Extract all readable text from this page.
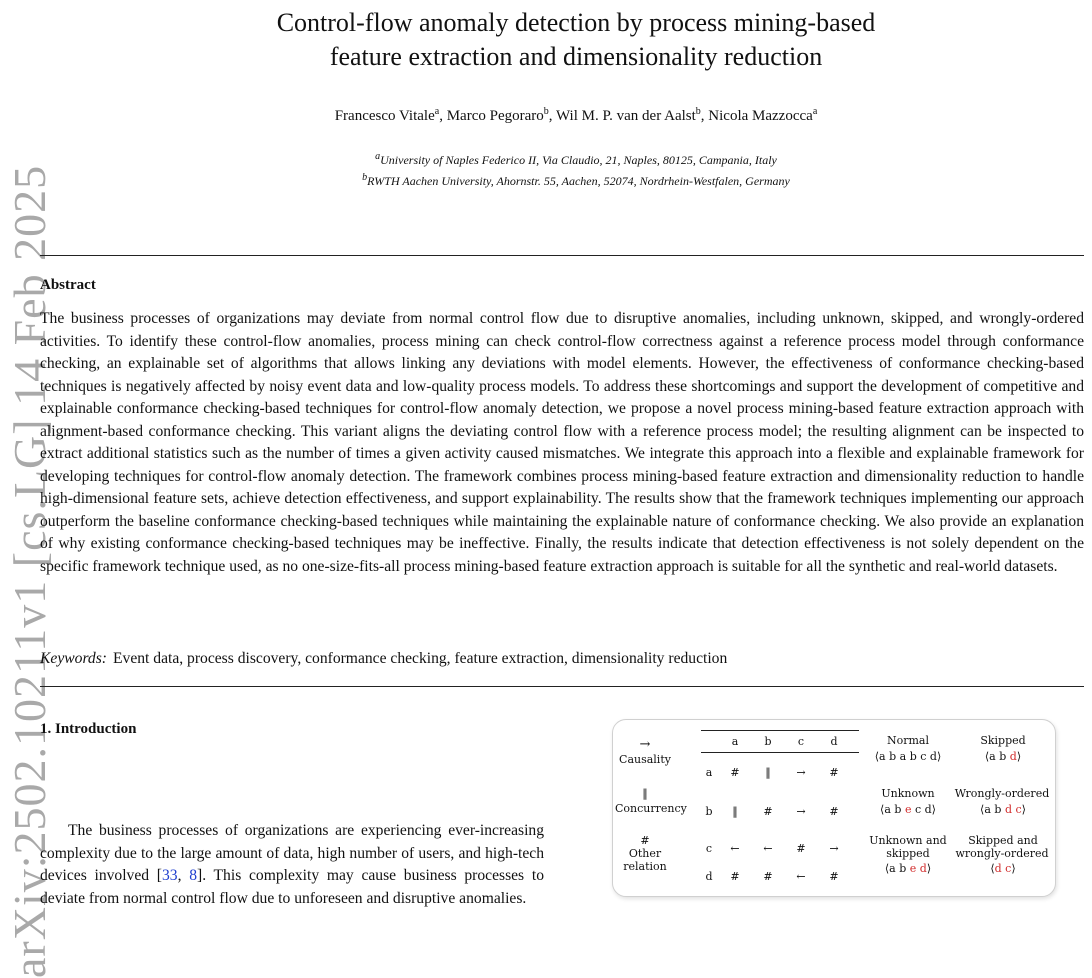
arXiv:2502.10211v1 [cs.LG] 14 Feb 2025
Control-flow anomaly detection by process mining-based
feature extraction and dimensionality reduction
Francesco Vitale$^a$, Marco Pegoraro$^b$, Wil M. P. van der Aalst$^b$, Nicola Mazzocca$^a$
$^a$University of Naples Federico II, Via Claudio, 21, Naples, 80125, Campania, Italy
$^b$RWTH Aachen University, Ahornstr. 55, Aachen, 52074, Nordrhein-Westfalen, Germany
Abstract
The business processes of organizations may deviate from normal control flow due to disruptive anomalies, including unknown, skipped, and wrongly-ordered activities. To identify these control-flow anomalies, process mining can check control-flow correctness against a reference process model through conformance checking, an explainable set of algorithms that allows linking any deviations with model elements. However, the effectiveness of conformance checking-based techniques is negatively affected by noisy event data and low-quality process models. To address these shortcomings and support the development of competitive and explainable conformance checking-based techniques for control-flow anomaly detection, we propose a novel process mining-based feature extraction approach with alignment-based conformance checking. This variant aligns the deviating control flow with a reference process model; the resulting alignment can be inspected to extract additional statistics such as the number of times a given activity caused mismatches. We integrate this approach into a flexible and explainable framework for developing techniques for control-flow anomaly detection. The framework combines process mining-based feature extraction and dimensionality reduction to handle high-dimensional feature sets, achieve detection effectiveness, and support explainability. The results show that the framework techniques implementing our approach outperform the baseline conformance checking-based techniques while maintaining the explainable nature of conformance checking. We also provide an explanation of why existing conformance checking-based techniques may be ineffective. Finally, the results indicate that detection effectiveness is not solely dependent on the specific framework technique used, as no one-size-fits-all process mining-based feature extraction approach is suitable for all the synthetic and real-world datasets.
Keywords: Event data, process discovery, conformance checking, feature extraction, dimensionality reduction
1. Introduction
The business processes of organizations are experiencing ever-increasing complexity due to the large amount of data, high number of users, and high-tech devices involved [33, 8]. This complexity may cause business processes to deviate from normal control flow due to unforeseen and disruptive anomalies.
→
Causality
‖
Concurrency
#
Other relation
a	b	c	d
a	#	‖	→	#
b	‖	#	→	#
c	←	←	#	→
d	#	#	←	#
Normal
⟨a b a b c d⟩
Skipped
⟨a b d⟩
Unknown
⟨a b e c d⟩
Wrongly-ordered
⟨a b d c⟩
Unknown and
skipped
⟨a b e d⟩
Skipped and
wrongly-ordered
⟨d c⟩
